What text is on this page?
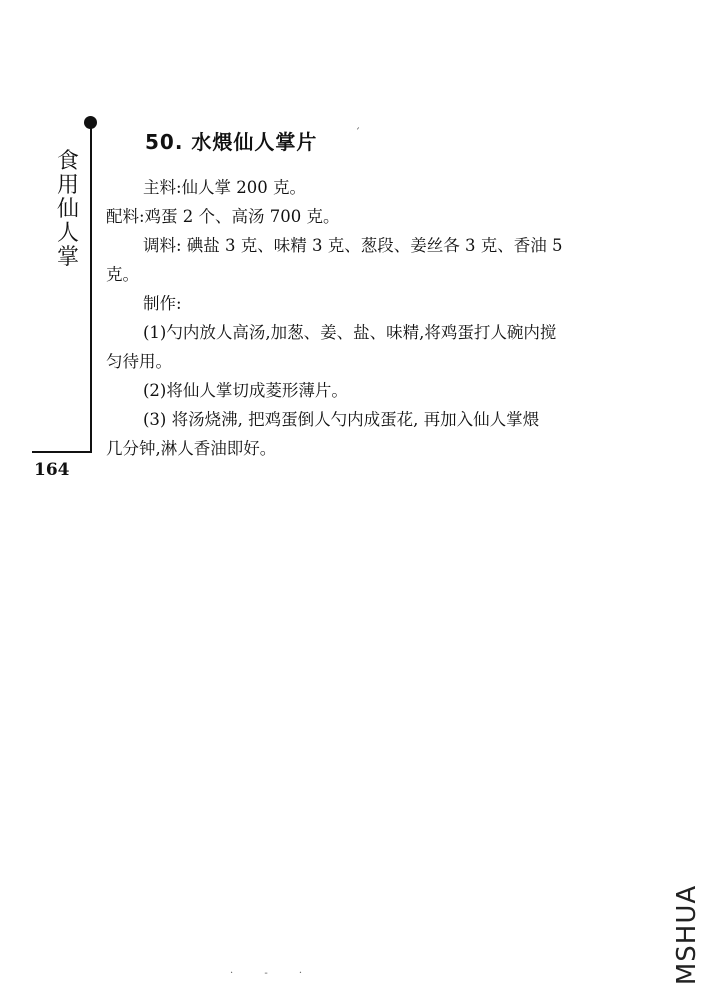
食
用
仙
人
掌
50. 水煨仙人掌片	´
主料:仙人掌 200 克。
配料:鸡蛋 2 个、高汤 700 克。
调料: 碘盐 3 克、味精 3 克、葱段、姜丝各 3 克、香油 5
克。
制作:
(1)勺内放人高汤,加葱、姜、盐、味精,将鸡蛋打人碗内搅
匀待用。
(2)将仙人掌切成菱形薄片。
(3) 将汤烧沸, 把鸡蛋倒人勺内成蛋花, 再加入仙人掌煨
几分钟,淋人香油即好。
164
· - ·	MSHUA
